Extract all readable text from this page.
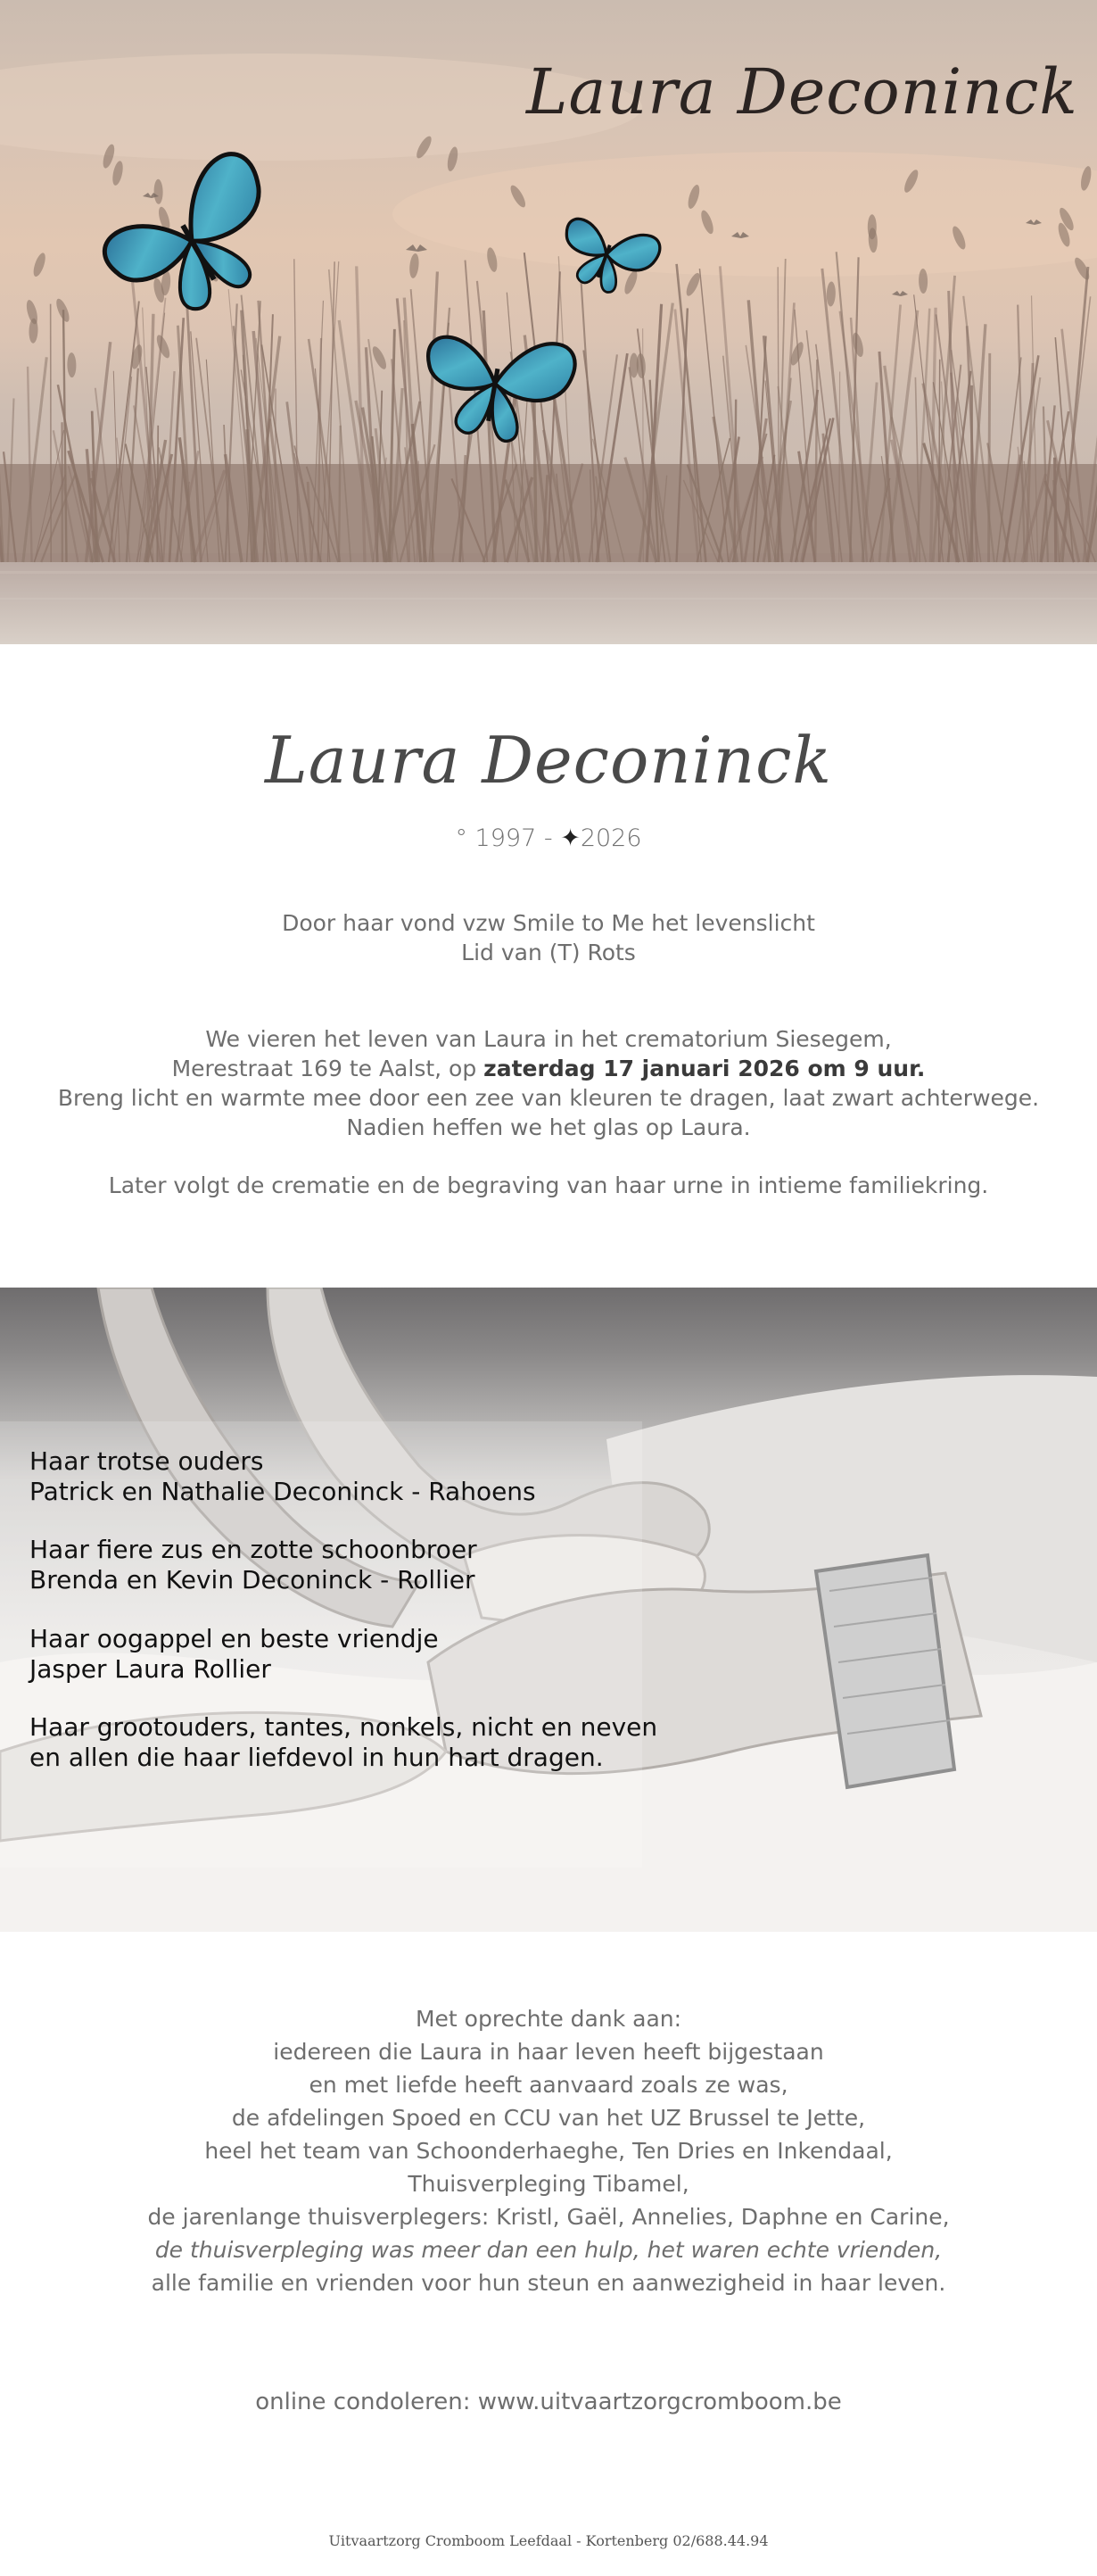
Laura Deconinck
Laura Deconinck
° 1997 - ✦2026
Door haar vond vzw Smile to Me het levenslicht
Lid van (T) Rots
We vieren het leven van Laura in het crematorium Siesegem,
Merestraat 169 te Aalst, op zaterdag 17 januari 2026 om 9 uur.
Breng licht en warmte mee door een zee van kleuren te dragen, laat zwart achterwege.
Nadien heffen we het glas op Laura.
Later volgt de crematie en de begraving van haar urne in intieme familiekring.
Haar trotse ouders
Patrick en Nathalie Deconinck - Rahoens
Haar fiere zus en zotte schoonbroer
Brenda en Kevin Deconinck - Rollier
Haar oogappel en beste vriendje
Jasper Laura Rollier
Haar grootouders, tantes, nonkels, nicht en neven
en allen die haar liefdevol in hun hart dragen.
Met oprechte dank aan:
iedereen die Laura in haar leven heeft bijgestaan
en met liefde heeft aanvaard zoals ze was,
de afdelingen Spoed en CCU van het UZ Brussel te Jette,
heel het team van Schoonderhaeghe, Ten Dries en Inkendaal,
Thuisverpleging Tibamel,
de jarenlange thuisverplegers: Kristl, Gaël, Annelies, Daphne en Carine,
de thuisverpleging was meer dan een hulp, het waren echte vrienden,
alle familie en vrienden voor hun steun en aanwezigheid in haar leven.
online condoleren: www.uitvaartzorgcromboom.be
Uitvaartzorg Cromboom Leefdaal - Kortenberg 02/688.44.94
